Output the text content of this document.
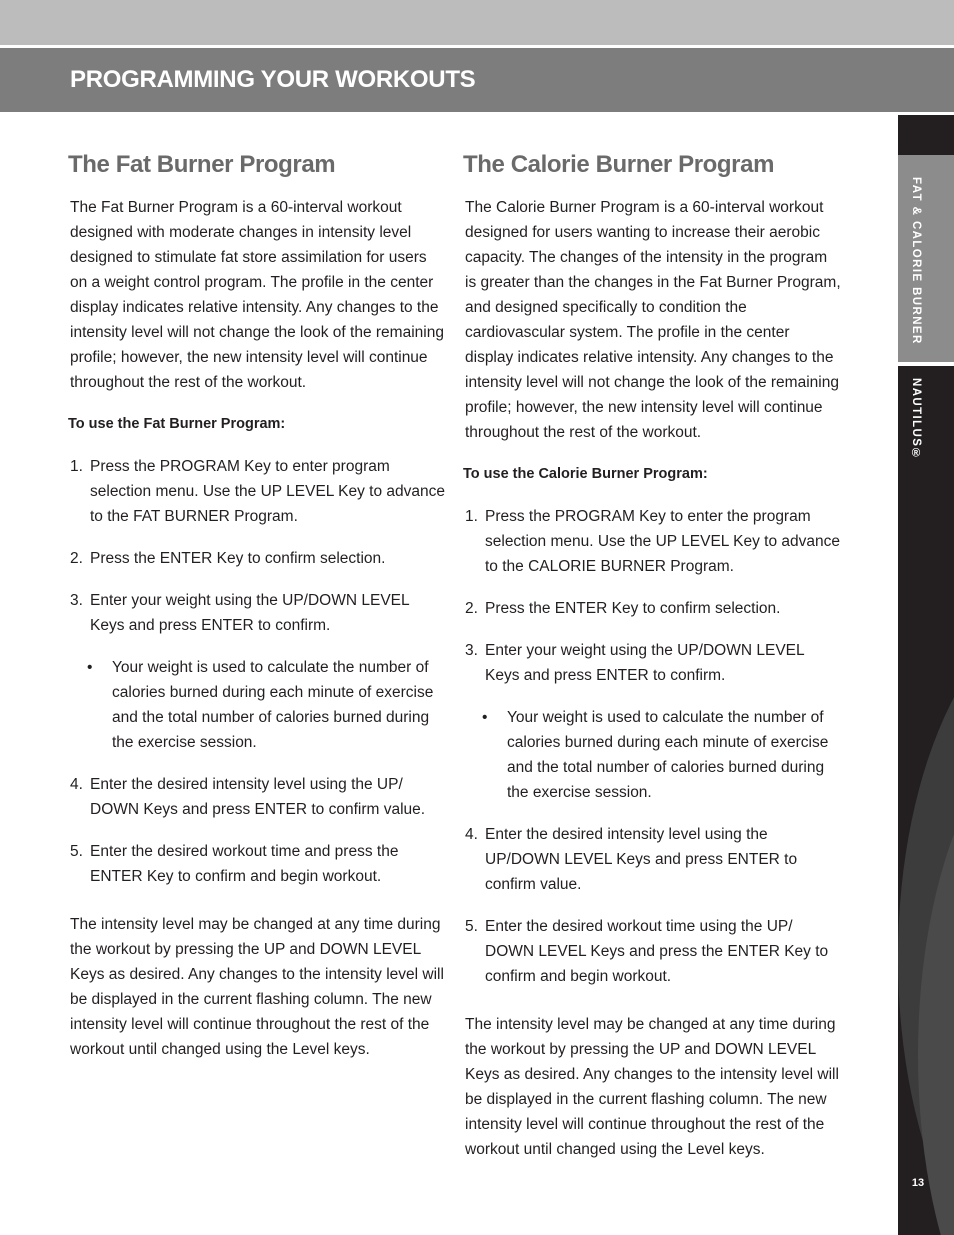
PROGRAMMING YOUR WORKOUTS
FAT & CALORIE BURNER
NAUTILUS®
13
The Fat Burner Program

The Fat Burner Program is a 60-interval workout designed with moderate changes in intensity level designed to stimulate fat store assimilation for users on a weight control program. The profile in the center display indicates relative intensity. Any changes to the intensity level will not change the look of the remaining profile; however, the new intensity level will continue throughout the rest of the workout.

To use the Fat Burner Program:

1. Press the PROGRAM Key to enter program selection menu. Use the UP LEVEL Key to advance to the FAT BURNER Program.
2. Press the ENTER Key to confirm selection.
3. Enter your weight using the UP/DOWN LEVEL Keys and press ENTER to confirm.
• Your weight is used to calculate the number of calories burned during each minute of exercise and the total number of calories burned during the exercise session.
4. Enter the desired intensity level using the UP/ DOWN Keys and press ENTER to confirm value.
5. Enter the desired workout time and press the ENTER Key to confirm and begin workout.

The intensity level may be changed at any time during the workout by pressing the UP and DOWN LEVEL Keys as desired. Any changes to the intensity level will be displayed in the current flashing column. The new intensity level will continue throughout the rest of the workout until changed using the Level keys.

The Calorie Burner Program

The Calorie Burner Program is a 60-interval workout designed for users wanting to increase their aerobic capacity. The changes of the intensity in the program is greater than the changes in the Fat Burner Program, and designed specifically to condition the cardiovascular system. The profile in the center display indicates relative intensity. Any changes to the intensity level will not change the look of the remaining profile; however, the new intensity level will continue throughout the rest of the workout.

To use the Calorie Burner Program:

1. Press the PROGRAM Key to enter the program selection menu. Use the UP LEVEL Key to advance to the CALORIE BURNER Program.
2. Press the ENTER Key to confirm selection.
3. Enter your weight using the UP/DOWN LEVEL Keys and press ENTER to confirm.
• Your weight is used to calculate the number of calories burned during each minute of exercise and the total number of calories burned during the exercise session.
4. Enter the desired intensity level using the UP/DOWN LEVEL Keys and press ENTER to confirm value.
5. Enter the desired workout time using the UP/ DOWN LEVEL Keys and press the ENTER Key to confirm and begin workout.

The intensity level may be changed at any time during the workout by pressing the UP and DOWN LEVEL Keys as desired. Any changes to the intensity level will be displayed in the current flashing column. The new intensity level will continue throughout the rest of the workout until changed using the Level keys.
